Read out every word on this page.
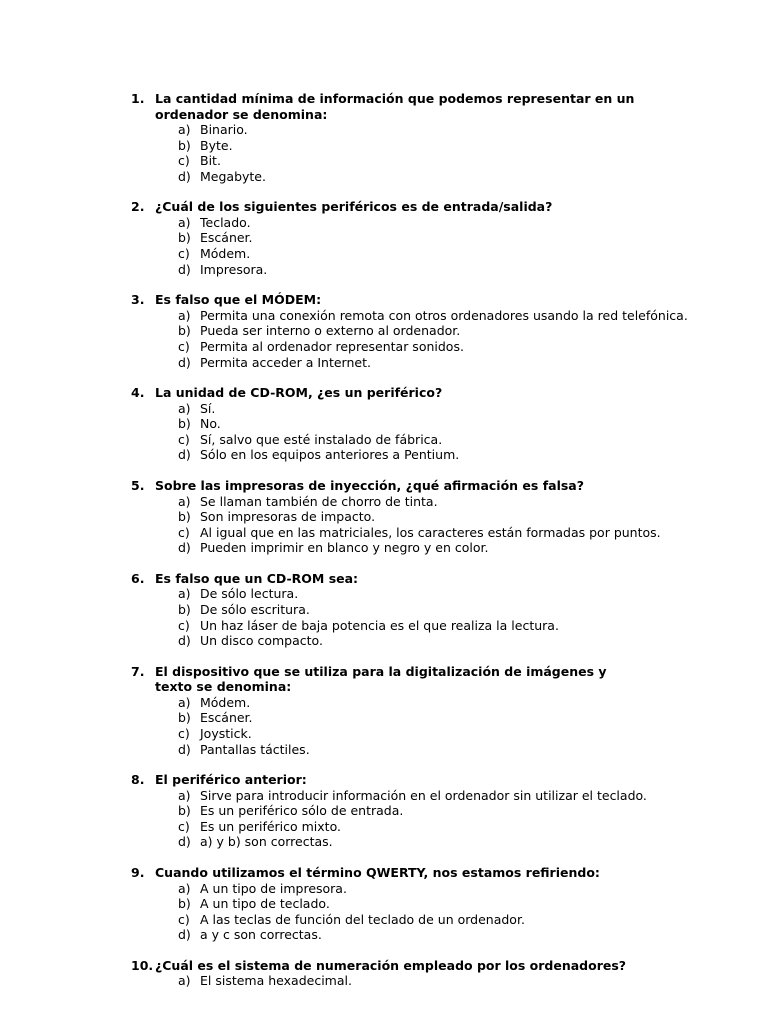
1. La cantidad mínima de información que podemos representar en un ordenador se denomina:
a) Binario.
b) Byte.
c) Bit.
d) Megabyte.
2. ¿Cuál de los siguientes periféricos es de entrada/salida?
a) Teclado.
b) Escáner.
c) Módem.
d) Impresora.
3. Es falso que el MÓDEM:
a) Permita una conexión remota con otros ordenadores usando la red telefónica.
b) Pueda ser interno o externo al ordenador.
c) Permita al ordenador representar sonidos.
d) Permita acceder a Internet.
4. La unidad de CD-ROM, ¿es un periférico?
a) Sí.
b) No.
c) Sí, salvo que esté instalado de fábrica.
d) Sólo en los equipos anteriores a Pentium.
5. Sobre las impresoras de inyección, ¿qué afirmación es falsa?
a) Se llaman también de chorro de tinta.
b) Son impresoras de impacto.
c) Al igual que en las matriciales, los caracteres están formadas por puntos.
d) Pueden imprimir en blanco y negro y en color.
6. Es falso que un CD-ROM sea:
a) De sólo lectura.
b) De sólo escritura.
c) Un haz láser de baja potencia es el que realiza la lectura.
d) Un disco compacto.
7. El dispositivo que se utiliza para la digitalización de imágenes y texto se denomina:
a) Módem.
b) Escáner.
c) Joystick.
d) Pantallas táctiles.
8. El periférico anterior:
a) Sirve para introducir información en el ordenador sin utilizar el teclado.
b) Es un periférico sólo de entrada.
c) Es un periférico mixto.
d) a) y b) son correctas.
9. Cuando utilizamos el término QWERTY, nos estamos refiriendo:
a) A un tipo de impresora.
b) A un tipo de teclado.
c) A las teclas de función del teclado de un ordenador.
d) a y c son correctas.
10. ¿Cuál es el sistema de numeración empleado por los ordenadores?
a) El sistema hexadecimal.
